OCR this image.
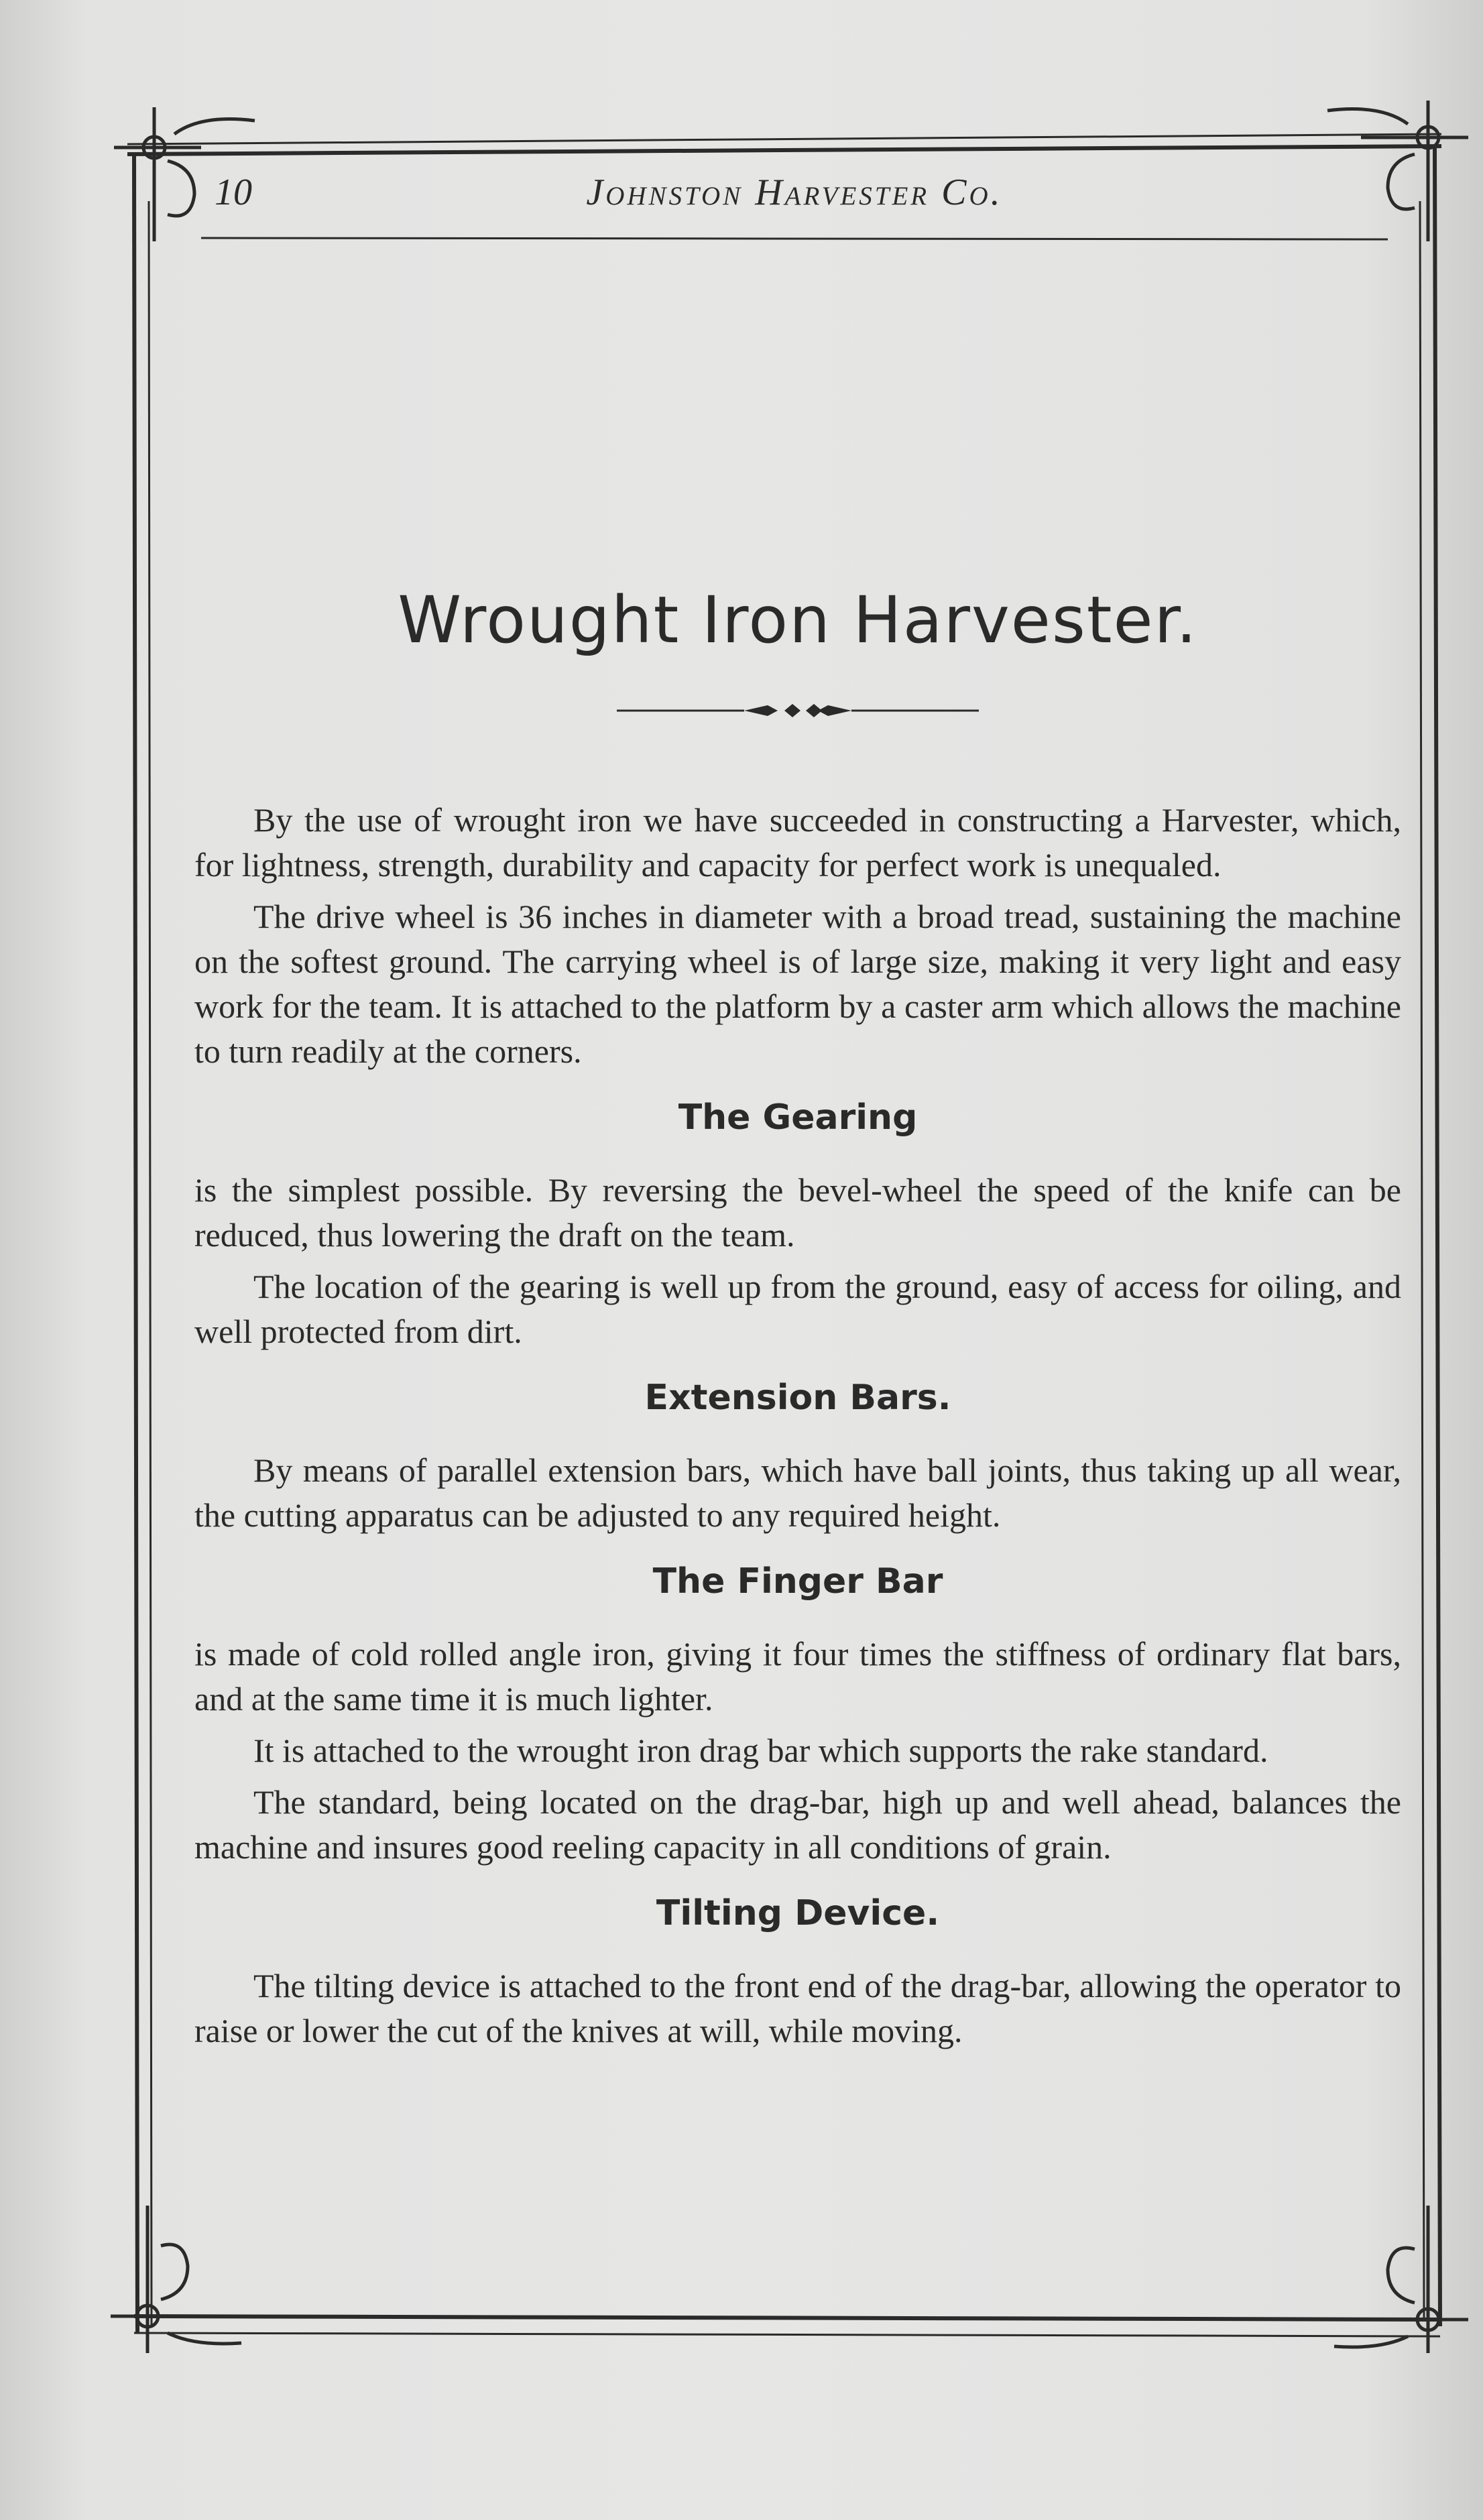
10	Johnston Harvester Co.
Wrought Iron Harvester.

By the use of wrought iron we have succeeded in constructing a Harvester, which, for lightness, strength, durability and capacity for perfect work is unequaled.

The drive wheel is 36 inches in diameter with a broad tread, sustaining the machine on the softest ground. The carrying wheel is of large size, making it very light and easy work for the team. It is attached to the platform by a caster arm which allows the machine to turn readily at the corners.

The Gearing

is the simplest possible. By reversing the bevel-wheel the speed of the knife can be reduced, thus lowering the draft on the team.

The location of the gearing is well up from the ground, easy of access for oiling, and well protected from dirt.

Extension Bars.

By means of parallel extension bars, which have ball joints, thus taking up all wear, the cutting apparatus can be adjusted to any required height.

The Finger Bar

is made of cold rolled angle iron, giving it four times the stiffness of ordinary flat bars, and at the same time it is much lighter.

It is attached to the wrought iron drag bar which supports the rake standard.

The standard, being located on the drag-bar, high up and well ahead, balances the machine and insures good reeling capacity in all conditions of grain.

Tilting Device.

The tilting device is attached to the front end of the drag-bar, allowing the operator to raise or lower the cut of the knives at will, while moving.
